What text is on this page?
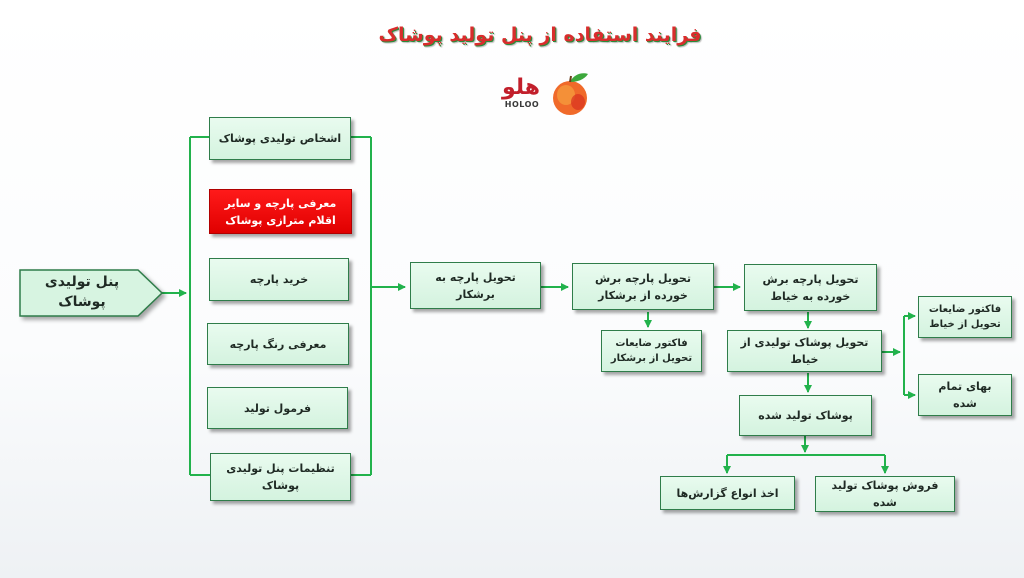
فرایند استفاده از پنل تولید پوشاک
هلو
HOLOO
پنل تولیدی پوشاک
اشخاص تولیدی پوشاک
معرفی پارچه و سایر اقلام مترازی پوشاک
خرید پارچه
معرفی رنگ پارچه
فرمول تولید
تنظیمات پنل تولیدی پوشاک
تحویل پارچه به برشکار
تحویل پارچه برش خورده از برشکار
فاکتور ضایعات تحویل از برشکار
تحویل پارچه برش خورده به خیاط
تحویل پوشاک تولیدی از خیاط
فاکتور ضایعات تحویل از خیاط
بهای تمام شده
پوشاک تولید شده
اخذ انواع گزارش‌ها
فروش پوشاک تولید شده
